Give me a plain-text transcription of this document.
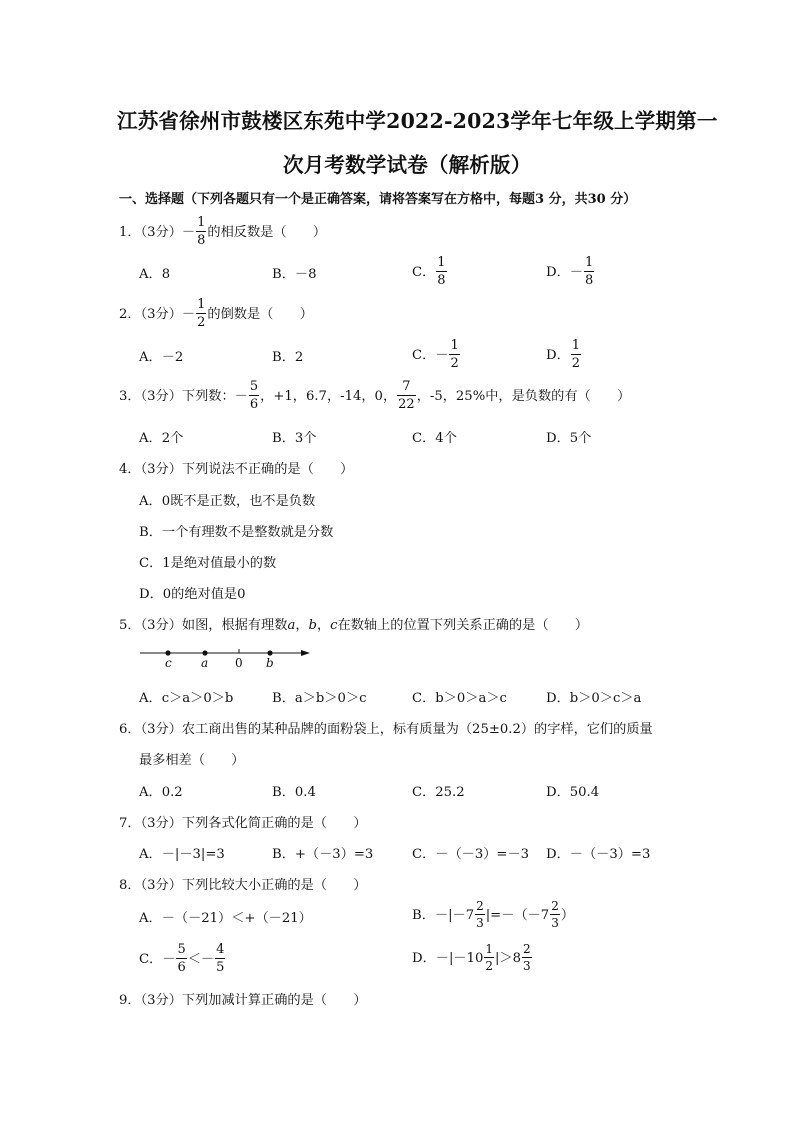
江苏省徐州市鼓楼区东苑中学2022-2023学年七年级上学期第一
次月考数学试卷（解析版）
一、选择题（下列各题只有一个是正确答案，请将答案写在方格中，每题3 分，共30 分）
1．（3分）－ $\frac{1}{8}$ 的相反数是（　　）
A．8	B．－8	C． $\frac{1}{8}$	D．－ $\frac{1}{8}$
2．（3分）－ $\frac{1}{2}$ 的倒数是（　　）
A．－2	B．2	C．－ $\frac{1}{2}$	D． $\frac{1}{2}$
3．（3分）下列数：－ $\frac{5}{6}$ ，+1，6.7，-14，0， $\frac{7}{22}$ ，-5，25%中，是负数的有（　　）
A．2个	B．3个	C．4个	D．5个
4．（3分）下列说法不正确的是（　　）
A．0既不是正数，也不是负数
B．一个有理数不是整数就是分数
C．1是绝对值最小的数
D．0的绝对值是0
5．（3分）如图，根据有理数a，b，c在数轴上的位置下列关系正确的是（　　）
c a 0 b
A．c＞a＞0＞b	B．a＞b＞0＞c	C．b＞0＞a＞c	D．b＞0＞c＞a
6．（3分）农工商出售的某种品牌的面粉袋上，标有质量为（25±0.2）的字样，它们的质量
最多相差（　　）
A．0.2	B．0.4	C．25.2	D．50.4
7．（3分）下列各式化简正确的是（　　）
A．－|－3|=3	B．+（－3）=3	C．－（－3）=－3 D．－（－3）=3
8．（3分）下列比较大小正确的是（　　）
A．－（－21）＜+（－21）	B．$-|-7 \frac{2}{3} |=-(-7 \frac{2}{3}$ ）
C．－ $\frac{5}{6} <- \frac{4}{5}$	D．$-|-10 \frac{1}{2} |>8 \frac{2}{3}$
9．（3分）下列加减计算正确的是（　　）
